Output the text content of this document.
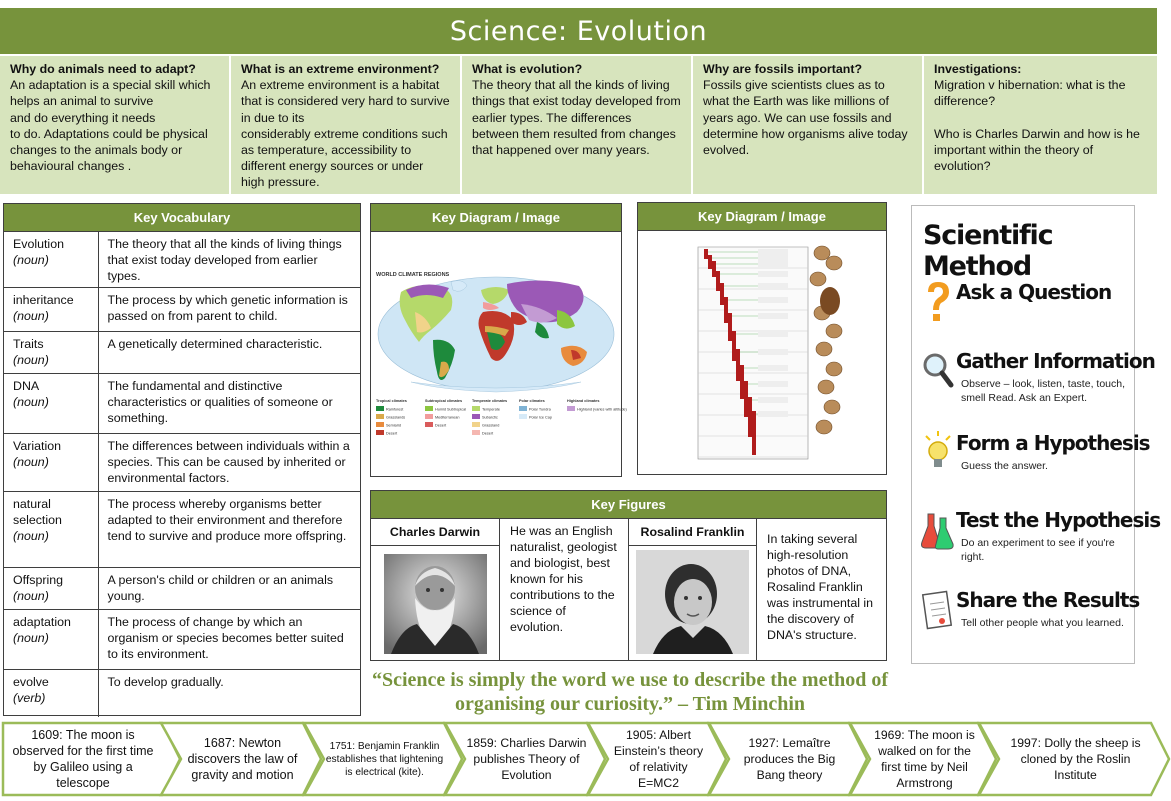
Science: Evolution
Why do animals need to adapt?
An adaptation is a special skill which
helps an animal to survive
and do everything it needs
to do. Adaptations could be physical changes to the animals body or behavioural changes .
What is an extreme environment?
An extreme environment is a habitat that is considered very hard to survive in due to its
considerably extreme conditions such as temperature, accessibility to different energy sources or under high pressure.
What is evolution?
The theory that all the kinds of living things that exist today developed from earlier types. The differences between them resulted from changes that happened over many years.
Why are fossils important?
Fossils give scientists clues as to what the Earth was like millions of years ago. We can use fossils and determine how organisms alive today evolved.
Investigations:
Migration v hibernation: what is the difference?

Who is Charles Darwin and how is he important within the theory of evolution?
Key Vocabulary
Evolution
(noun)	The theory that all the kinds of living things that exist today developed from earlier types.

inheritance
(noun)	The process by which genetic information is passed on from parent to child.

Traits
(noun)	A genetically determined characteristic.

DNA
(noun)	The fundamental and distinctive characteristics or qualities of someone or something.

Variation
(noun)	The differences between individuals within a species. This can be caused by inherited or environmental factors.

natural selection
(noun)	The process whereby organisms better adapted to their environment and therefore tend to survive and produce more offspring.

Offspring
(noun)	A person's child or children or an animals young.

adaptation
(noun)	The process of change by which an organism or species becomes better suited to its environment.

evolve
(verb)	To develop gradually.
Key Diagram / Image
WORLD CLIMATE REGIONS
Tropical climates
Rainforest
Grasslands
Semiarid
Desert
Subtropical climates
Humid Subtropical
Mediterranean
Desert
Temperate climates
Temperate
Subarctic
Grassland
Desert
Polar climates
Polar Tundra
Polar Ice Cap
Highland climates
Highland (varies with altitude)
Key Diagram / Image
Key Figures
Charles Darwin	He was an English naturalist, geologist and biologist, best known for his contributions to the science of evolution.
Rosalind Franklin	In taking several high-resolution photos of DNA, Rosalind Franklin was instrumental in the discovery of DNA's structure.
Scientific Method
Ask a Question
Gather Information
Observe – look, listen, taste, touch, smell Read. Ask an Expert.
Form a Hypothesis
Guess the answer.
Test the Hypothesis
Do an experiment to see if you're right.
Share the Results
Tell other people what you learned.
“Science is simply the word we use to describe the method of organising our curiosity.” – Tim Minchin
1609: The moon is observed for the first time by Galileo using a telescope
1687: Newton discovers the law of gravity and motion
1751: Benjamin Franklin establishes that lightening is electrical (kite).
1859: Charlies Darwin publishes Theory of Evolution
1905: Albert Einstein’s theory of relativity E=MC2
1927: Lemaître produces the Big Bang theory
1969: The moon is walked on for the first time by Neil Armstrong
1997: Dolly the sheep is cloned by the Roslin Institute
